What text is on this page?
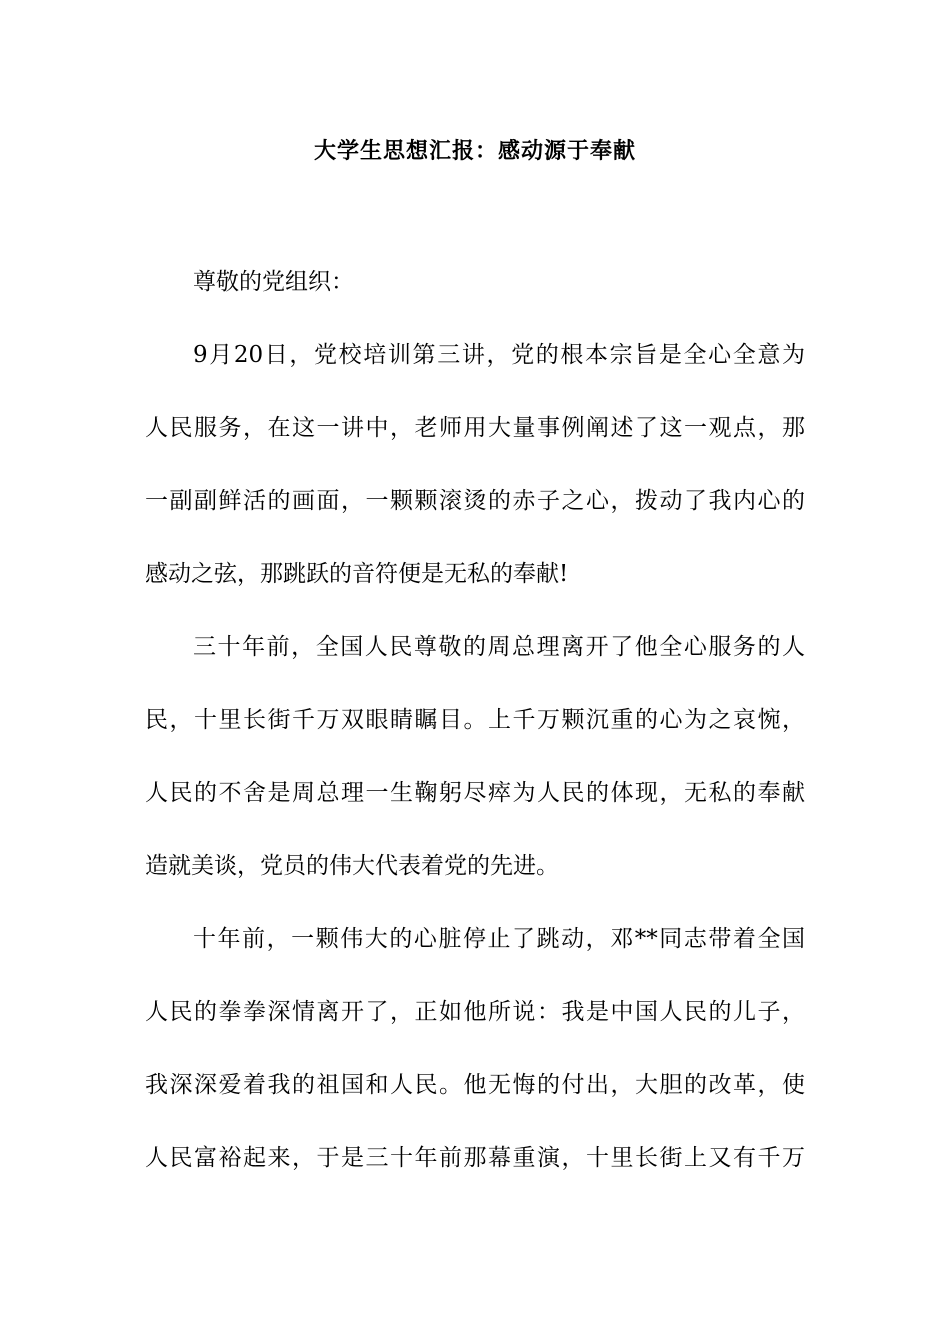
大学生思想汇报：感动源于奉献
尊敬的党组织：
9月20日，党校培训第三讲，党的根本宗旨是全心全意为
人民服务，在这一讲中，老师用大量事例阐述了这一观点，那
一副副鲜活的画面，一颗颗滚烫的赤子之心，拨动了我内心的
感动之弦，那跳跃的音符便是无私的奉献!
三十年前，全国人民尊敬的周总理离开了他全心服务的人
民，十里长街千万双眼睛瞩目。上千万颗沉重的心为之哀惋，
人民的不舍是周总理一生鞠躬尽瘁为人民的体现，无私的奉献
造就美谈，党员的伟大代表着党的先进。
十年前，一颗伟大的心脏停止了跳动，邓**同志带着全国
人民的拳拳深情离开了，正如他所说：我是中国人民的儿子，
我深深爱着我的祖国和人民。他无悔的付出，大胆的改革，使
人民富裕起来，于是三十年前那幕重演，十里长街上又有千万
